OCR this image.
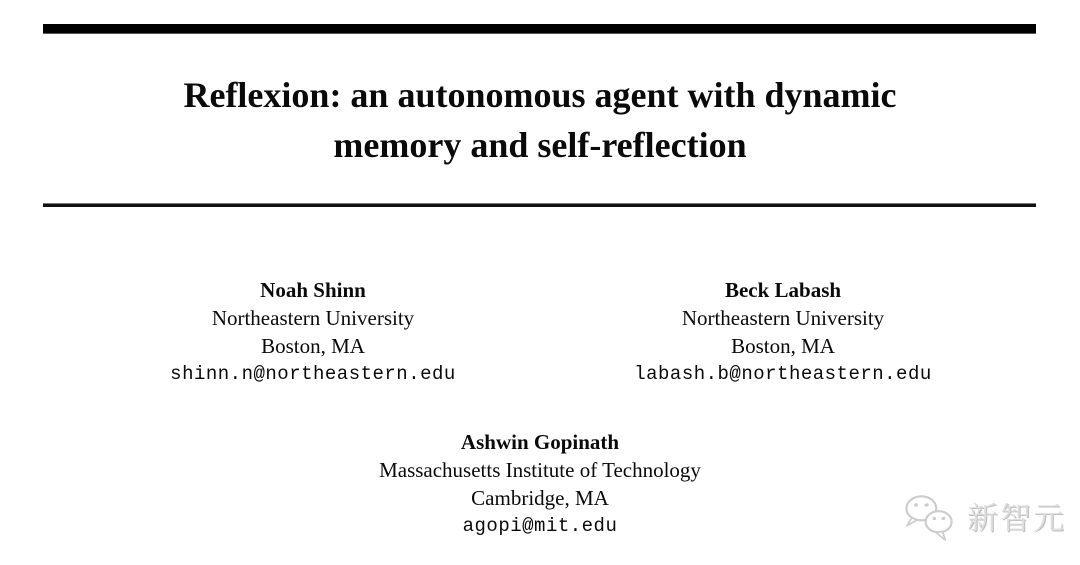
Reflexion: an autonomous agent with dynamic
memory and self-reflection
Noah Shinn
Northeastern University
Boston, MA
shinn.n@northeastern.edu
Beck Labash
Northeastern University
Boston, MA
labash.b@northeastern.edu
Ashwin Gopinath
Massachusetts Institute of Technology
Cambridge, MA
agopi@mit.edu	新智元
